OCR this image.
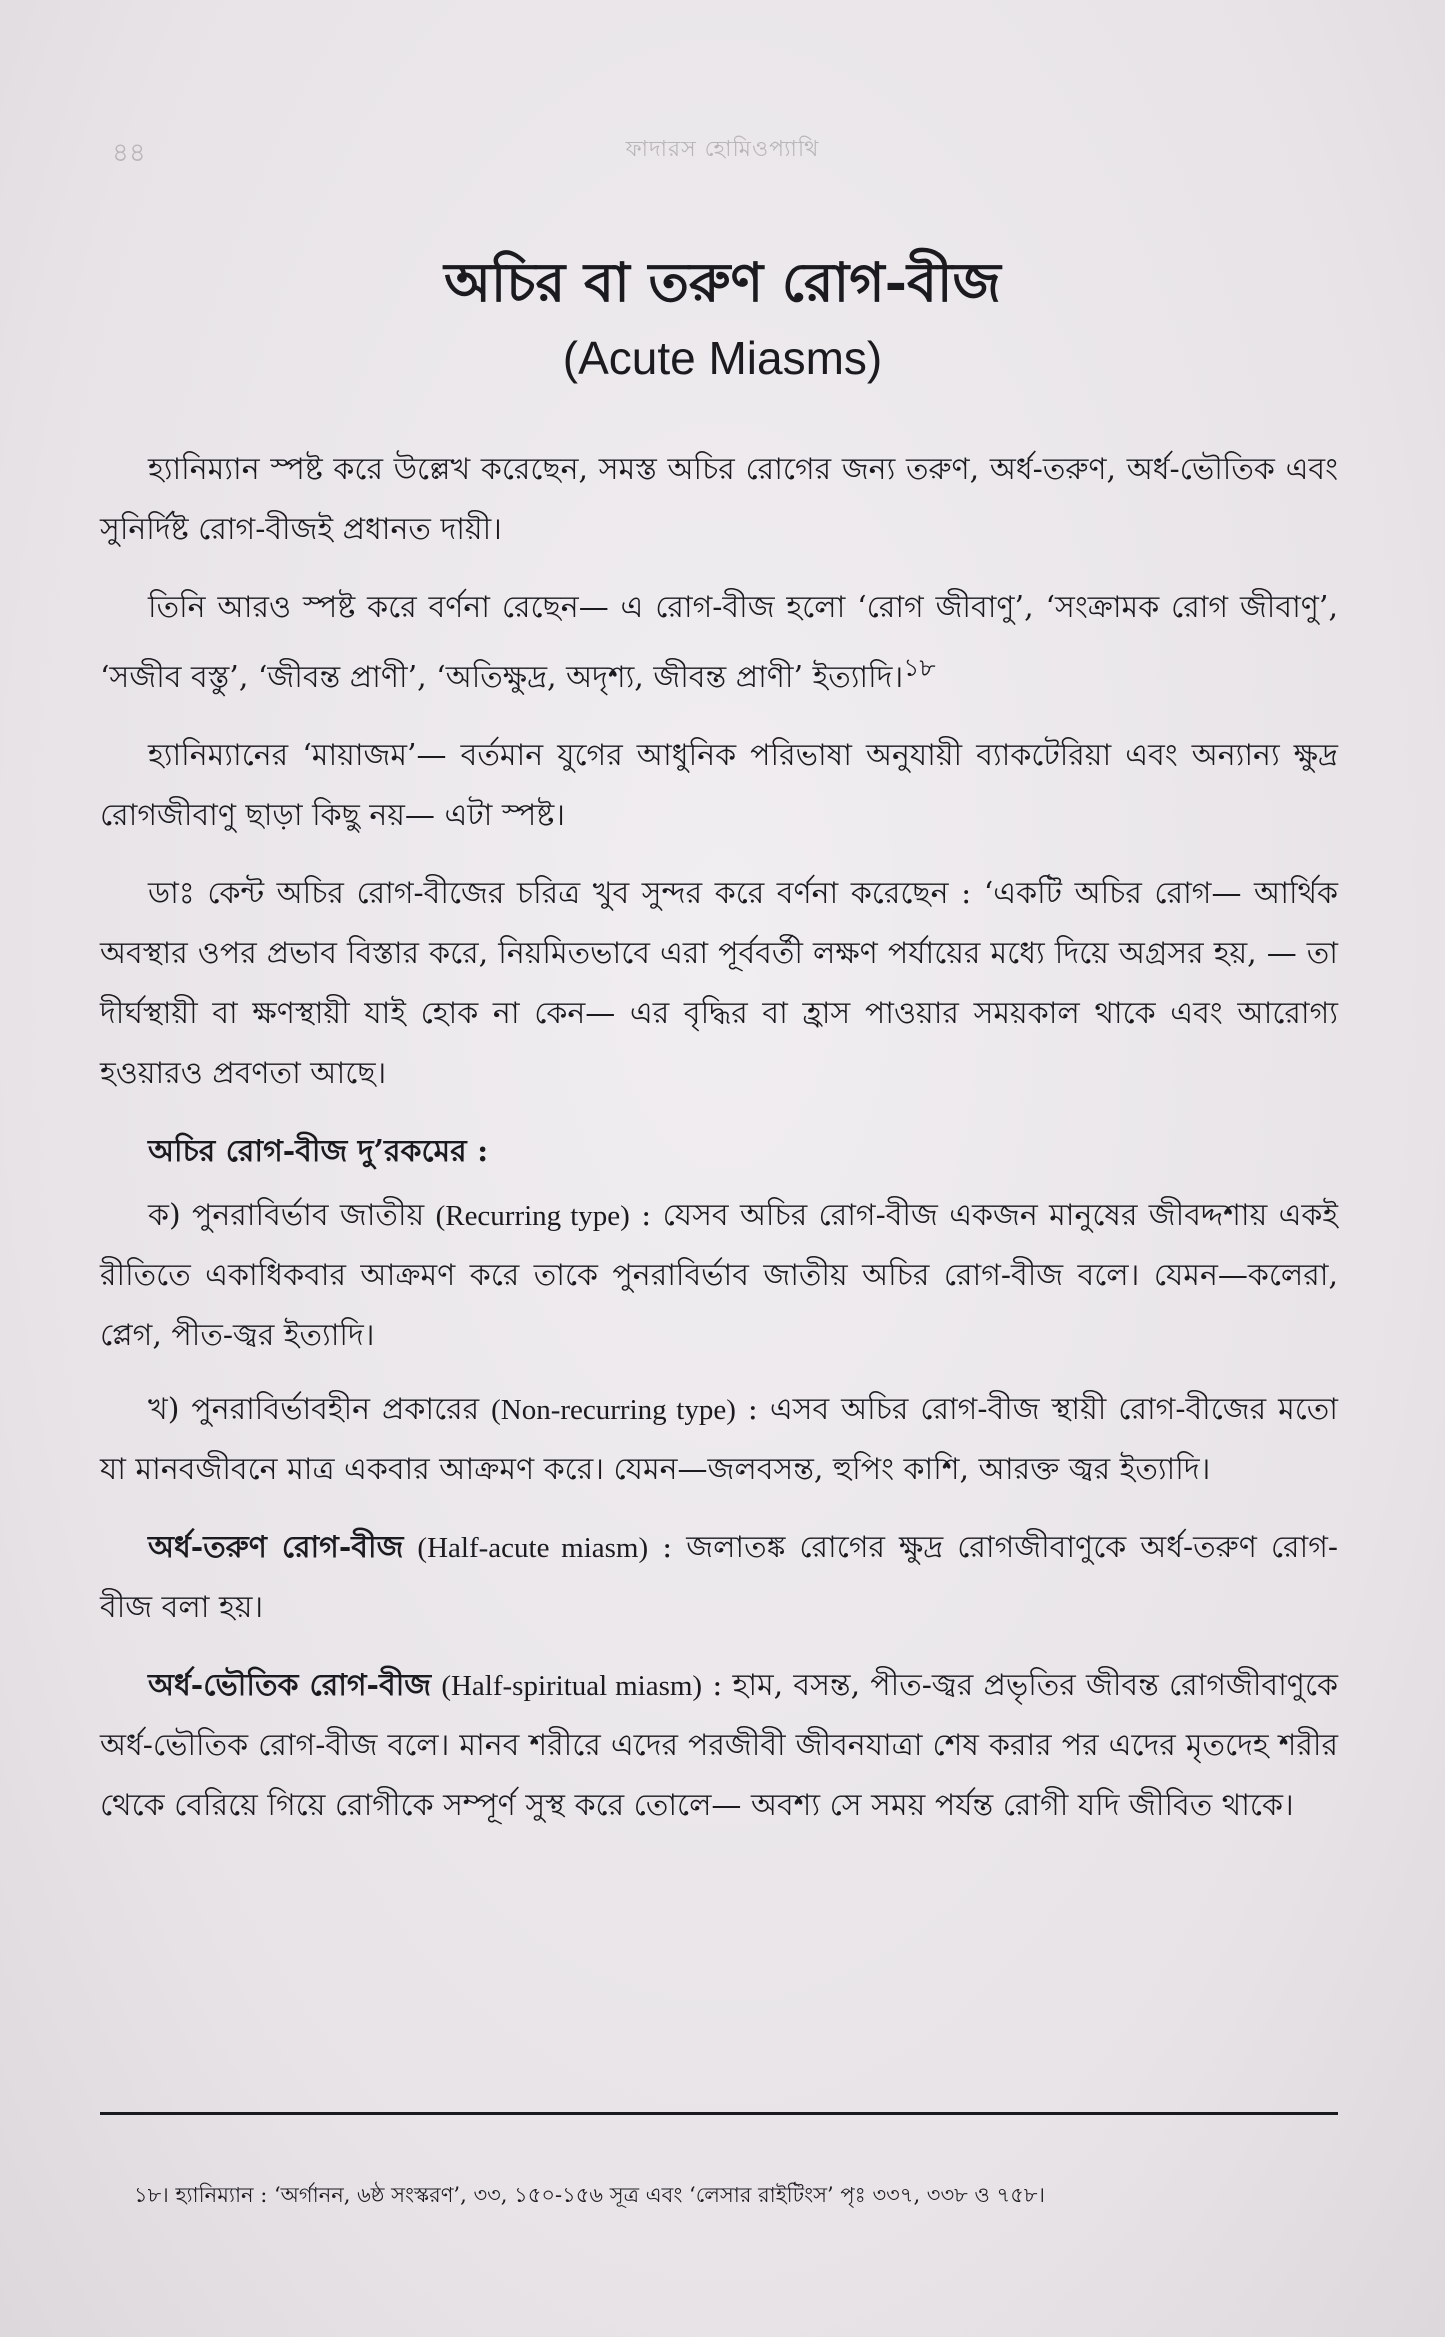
৪৪	ফাদারস হোমিওপ্যাথি
অচির বা তরুণ রোগ-বীজ
(Acute Miasms)

হ্যানিম্যান স্পষ্ট করে উল্লেখ করেছেন, সমস্ত অচির রোগের জন্য তরুণ, অর্ধ-তরুণ, অর্ধ-ভৌতিক এবং সুনির্দিষ্ট রোগ-বীজই প্রধানত দায়ী।

তিনি আরও স্পষ্ট করে বর্ণনা রেছেন— এ রোগ-বীজ হলো ‘রোগ জীবাণু’, ‘সংক্রামক রোগ জীবাণু’, ‘সজীব বস্তু’, ‘জীবন্ত প্রাণী’, ‘অতিক্ষুদ্র, অদৃশ্য, জীবন্ত প্রাণী’ ইত্যাদি।$^{১৮}$

হ্যানিম্যানের ‘মায়াজম’— বর্তমান যুগের আধুনিক পরিভাষা অনুযায়ী ব্যাকটেরিয়া এবং অন্যান্য ক্ষুদ্র রোগজীবাণু ছাড়া কিছু নয়— এটা স্পষ্ট।

ডাঃ কেন্ট অচির রোগ-বীজের চরিত্র খুব সুন্দর করে বর্ণনা করেছেন : ‘একটি অচির রোগ— আর্থিক অবস্থার ওপর প্রভাব বিস্তার করে, নিয়মিতভাবে এরা পূর্ববর্তী লক্ষণ পর্যায়ের মধ্যে দিয়ে অগ্রসর হয়, — তা দীর্ঘস্থায়ী বা ক্ষণস্থায়ী যাই হোক না কেন— এর বৃদ্ধির বা হ্রাস পাওয়ার সময়কাল থাকে এবং আরোগ্য হওয়ারও প্রবণতা আছে।

অচির রোগ-বীজ দু’রকমের :

ক) পুনরাবির্ভাব জাতীয় (Recurring type) : যেসব অচির রোগ-বীজ একজন মানুষের জীবদ্দশায় একই রীতিতে একাধিকবার আক্রমণ করে তাকে পুনরাবির্ভাব জাতীয় অচির রোগ-বীজ বলে। যেমন—কলেরা, প্লেগ, পীত-জ্বর ইত্যাদি।

খ) পুনরাবির্ভাবহীন প্রকারের (Non-recurring type) : এসব অচির রোগ-বীজ স্থায়ী রোগ-বীজের মতো যা মানবজীবনে মাত্র একবার আক্রমণ করে। যেমন—জলবসন্ত, হুপিং কাশি, আরক্ত জ্বর ইত্যাদি।

অর্ধ-তরুণ রোগ-বীজ (Half-acute miasm) : জলাতঙ্ক রোগের ক্ষুদ্র রোগজীবাণুকে অর্ধ-তরুণ রোগ-বীজ বলা হয়।

অর্ধ-ভৌতিক রোগ-বীজ (Half-spiritual miasm) : হাম, বসন্ত, পীত-জ্বর প্রভৃতির জীবন্ত রোগজীবাণুকে অর্ধ-ভৌতিক রোগ-বীজ বলে। মানব শরীরে এদের পরজীবী জীবনযাত্রা শেষ করার পর এদের মৃতদেহ শরীর থেকে বেরিয়ে গিয়ে রোগীকে সম্পূর্ণ সুস্থ করে তোলে— অবশ্য সে সময় পর্যন্ত রোগী যদি জীবিত থাকে।

১৮। হ্যানিম্যান : ‘অর্গানন, ৬ষ্ঠ সংস্করণ’, ৩৩, ১৫০-১৫৬ সূত্র এবং ‘লেসার রাইটিংস’ পৃঃ ৩৩৭, ৩৩৮ ও ৭৫৮।
